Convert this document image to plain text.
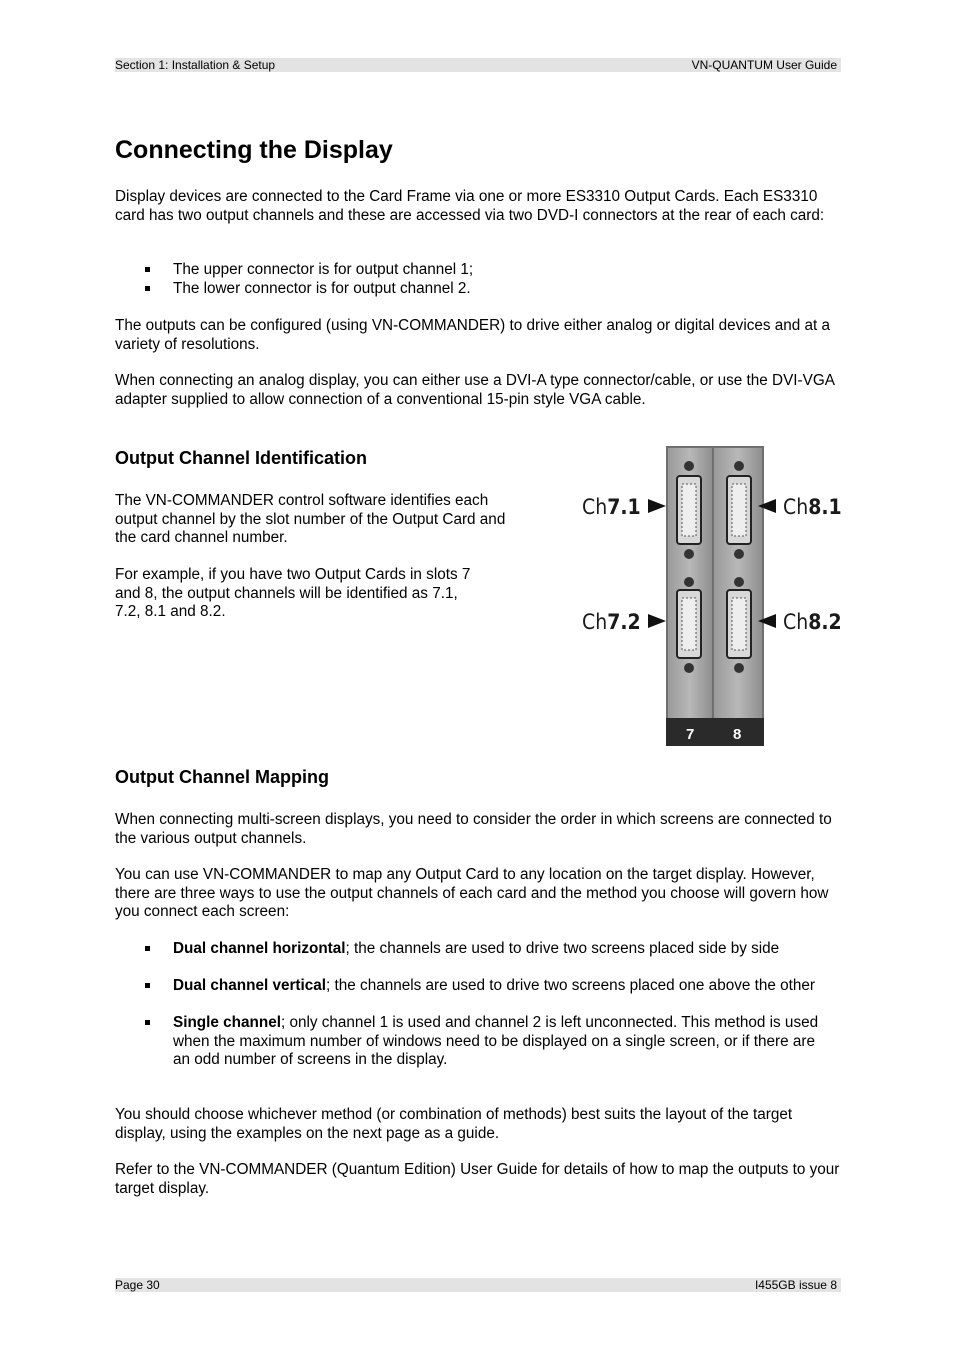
Section 1: Installation & Setup	VN-QUANTUM User Guide
Connecting the Display

Display devices are connected to the Card Frame via one or more ES3310 Output Cards. Each ES3310 card has two output channels and these are accessed via two DVD-I connectors at the rear of each card:

The upper connector is for output channel 1;
The lower connector is for output channel 2.

The outputs can be configured (using VN-COMMANDER) to drive either analog or digital devices and at a variety of resolutions.

When connecting an analog display, you can either use a DVI-A type connector/cable, or use the DVI-VGA adapter supplied to allow connection of a conventional 15-pin style VGA cable.

Output Channel Identification

The VN-COMMANDER control software identifies each output channel by the slot number of the Output Card and the card channel number.

For example, if you have two Output Cards in slots 7 and 8, the output channels will be identified as 7.1, 7.2, 8.1 and 8.2.

7	8
Ch7.1
Ch7.2
Ch8.1
Ch8.2
Output Channel Mapping

When connecting multi-screen displays, you need to consider the order in which screens are connected to the various output channels.

You can use VN-COMMANDER to map any Output Card to any location on the target display. However, there are three ways to use the output channels of each card and the method you choose will govern how you connect each screen:

Dual channel horizontal; the channels are used to drive two screens placed side by side
Dual channel vertical; the channels are used to drive two screens placed one above the other
Single channel; only channel 1 is used and channel 2 is left unconnected. This method is used when the maximum number of windows need to be displayed on a single screen, or if there are an odd number of screens in the display.

You should choose whichever method (or combination of methods) best suits the layout of the target display, using the examples on the next page as a guide.

Refer to the VN-COMMANDER (Quantum Edition) User Guide for details of how to map the outputs to your target display.

Page 30	I455GB issue 8
